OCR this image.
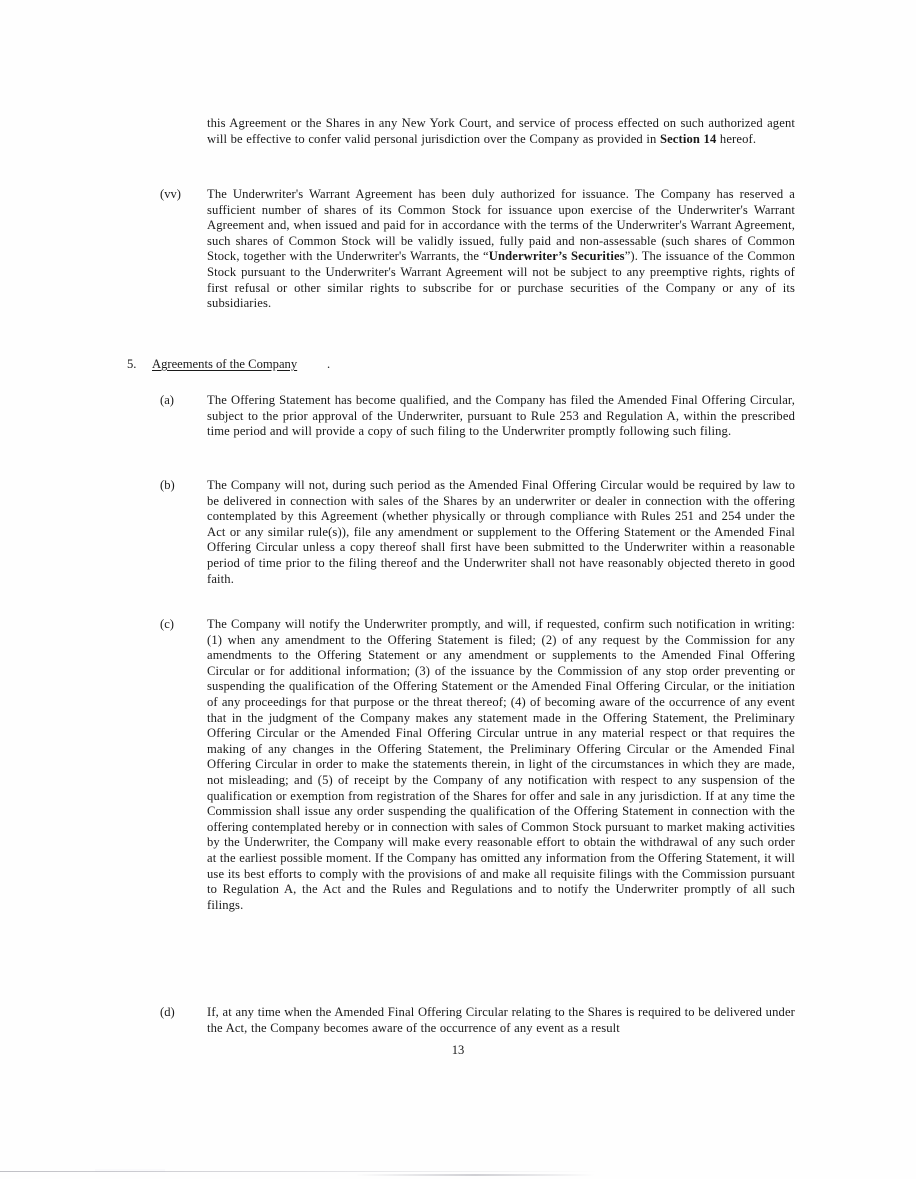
this Agreement or the Shares in any New York Court, and service of process effected on such authorized agent will be effective to confer valid personal jurisdiction over the Company as provided in Section 14 hereof.
(vv) The Underwriter's Warrant Agreement has been duly authorized for issuance. The Company has reserved a sufficient number of shares of its Common Stock for issuance upon exercise of the Underwriter's Warrant Agreement and, when issued and paid for in accordance with the terms of the Underwriter's Warrant Agreement, such shares of Common Stock will be validly issued, fully paid and non-assessable (such shares of Common Stock, together with the Underwriter's Warrants, the “Underwriter’s Securities”). The issuance of the Common Stock pursuant to the Underwriter's Warrant Agreement will not be subject to any preemptive rights, rights of first refusal or other similar rights to subscribe for or purchase securities of the Company or any of its subsidiaries.
5. Agreements of the Company .
(a)	The Offering Statement has become qualified, and the Company has filed the Amended Final Offering Circular, subject to the prior approval of the Underwriter, pursuant to Rule 253 and Regulation A, within the prescribed time period and will provide a copy of such filing to the Underwriter promptly following such filing.
(b)	The Company will not, during such period as the Amended Final Offering Circular would be required by law to be delivered in connection with sales of the Shares by an underwriter or dealer in connection with the offering contemplated by this Agreement (whether physically or through compliance with Rules 251 and 254 under the Act or any similar rule(s)), file any amendment or supplement to the Offering Statement or the Amended Final Offering Circular unless a copy thereof shall first have been submitted to the Underwriter within a reasonable period of time prior to the filing thereof and the Underwriter shall not have reasonably objected thereto in good faith.
(c)	The Company will notify the Underwriter promptly, and will, if requested, confirm such notification in writing: (1) when any amendment to the Offering Statement is filed; (2) of any request by the Commission for any amendments to the Offering Statement or any amendment or supplements to the Amended Final Offering Circular or for additional information; (3) of the issuance by the Commission of any stop order preventing or suspending the qualification of the Offering Statement or the Amended Final Offering Circular, or the initiation of any proceedings for that purpose or the threat thereof; (4) of becoming aware of the occurrence of any event that in the judgment of the Company makes any statement made in the Offering Statement, the Preliminary Offering Circular or the Amended Final Offering Circular untrue in any material respect or that requires the making of any changes in the Offering Statement, the Preliminary Offering Circular or the Amended Final Offering Circular in order to make the statements therein, in light of the circumstances in which they are made, not misleading; and (5) of receipt by the Company of any notification with respect to any suspension of the qualification or exemption from registration of the Shares for offer and sale in any jurisdiction. If at any time the Commission shall issue any order suspending the qualification of the Offering Statement in connection with the offering contemplated hereby or in connection with sales of Common Stock pursuant to market making activities by the Underwriter, the Company will make every reasonable effort to obtain the withdrawal of any such order at the earliest possible moment. If the Company has omitted any information from the Offering Statement, it will use its best efforts to comply with the provisions of and make all requisite filings with the Commission pursuant to Regulation A, the Act and the Rules and Regulations and to notify the Underwriter promptly of all such filings.
(d)	If, at any time when the Amended Final Offering Circular relating to the Shares is required to be delivered under the Act, the Company becomes aware of the occurrence of any event as a result
13
